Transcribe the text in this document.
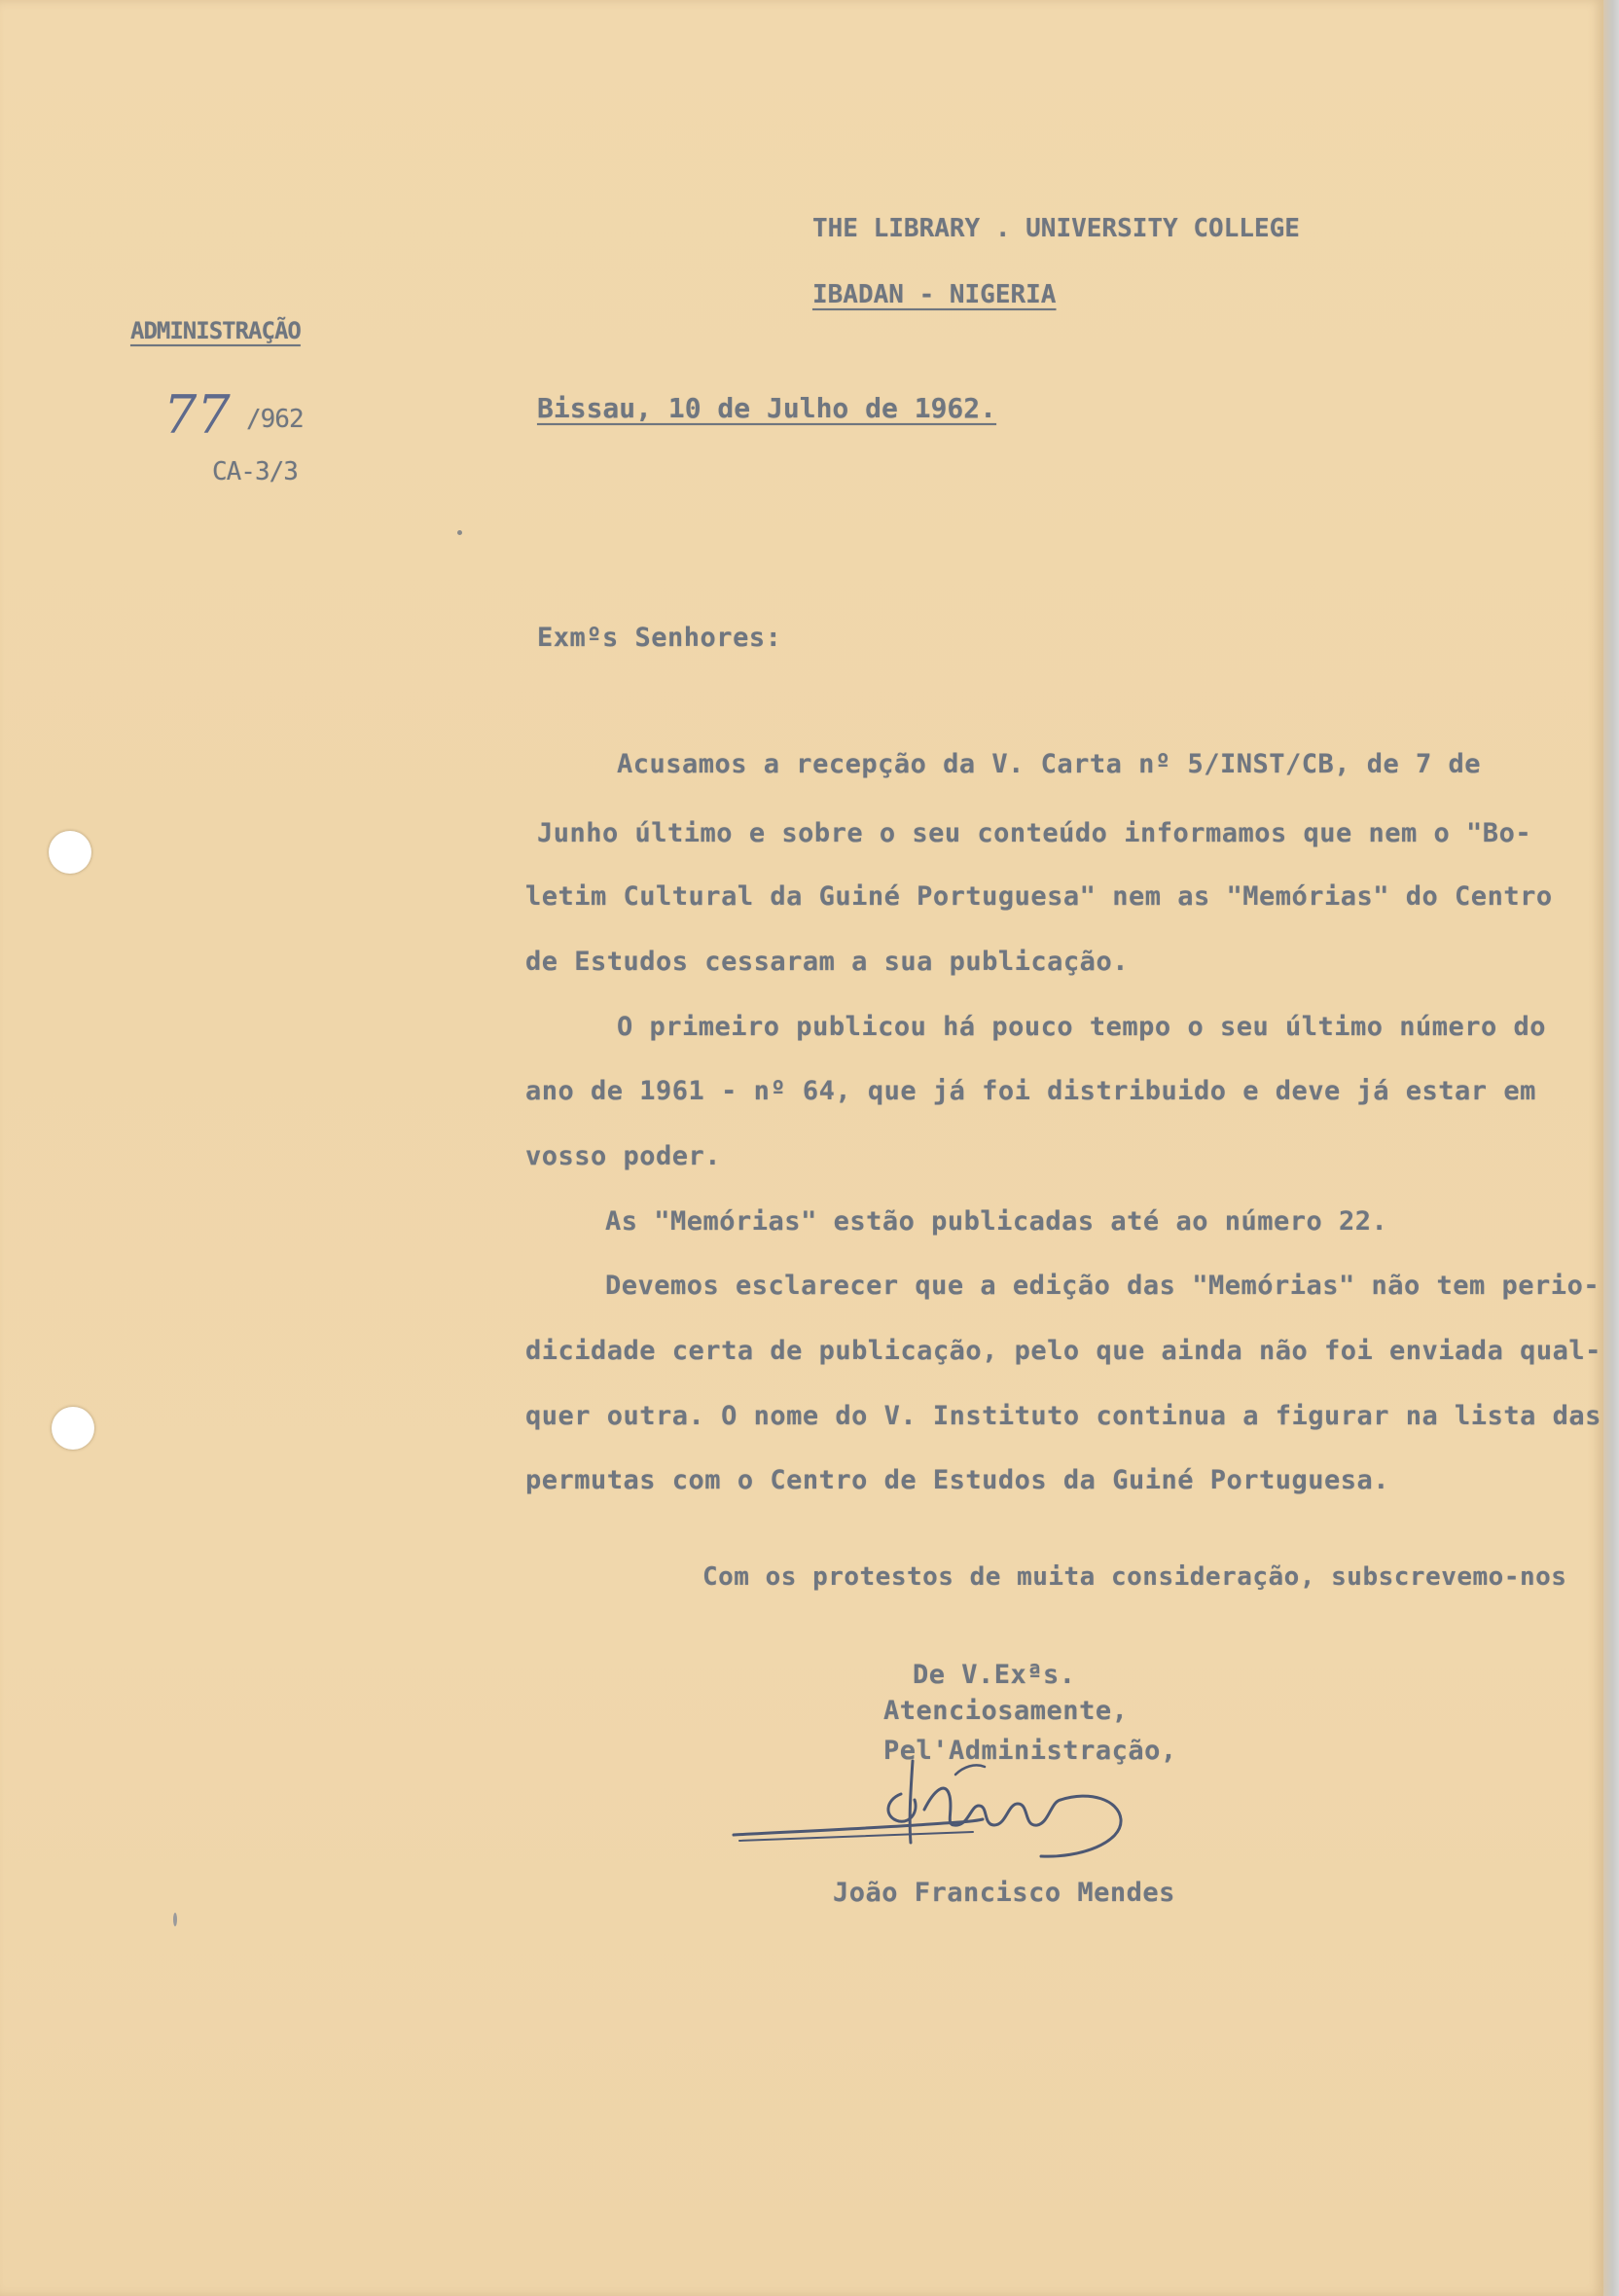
THE LIBRARY . UNIVERSITY COLLEGE
IBADAN - NIGERIA
ADMINISTRAÇÃO
77 /962
CA-3/3
Bissau, 10 de Julho de 1962.
Exmºs Senhores:
Acusamos a recepção da V. Carta nº 5/INST/CB, de 7 de
Junho último e sobre o seu conteúdo informamos que nem o "Bo-
letim Cultural da Guiné Portuguesa" nem as "Memórias" do Centro
de Estudos cessaram a sua publicação.
O primeiro publicou há pouco tempo o seu último número do
ano de 1961 - nº 64, que já foi distribuido e deve já estar em
vosso poder.
As "Memórias" estão publicadas até ao número 22.
Devemos esclarecer que a edição das "Memórias" não tem perio-
dicidade certa de publicação, pelo que ainda não foi enviada qual-
quer outra. O nome do V. Instituto continua a figurar na lista das
permutas com o Centro de Estudos da Guiné Portuguesa.
Com os protestos de muita consideração, subscrevemo-nos
De V.Exªs.
Atenciosamente,
Pel'Administração,
João Francisco Mendes
